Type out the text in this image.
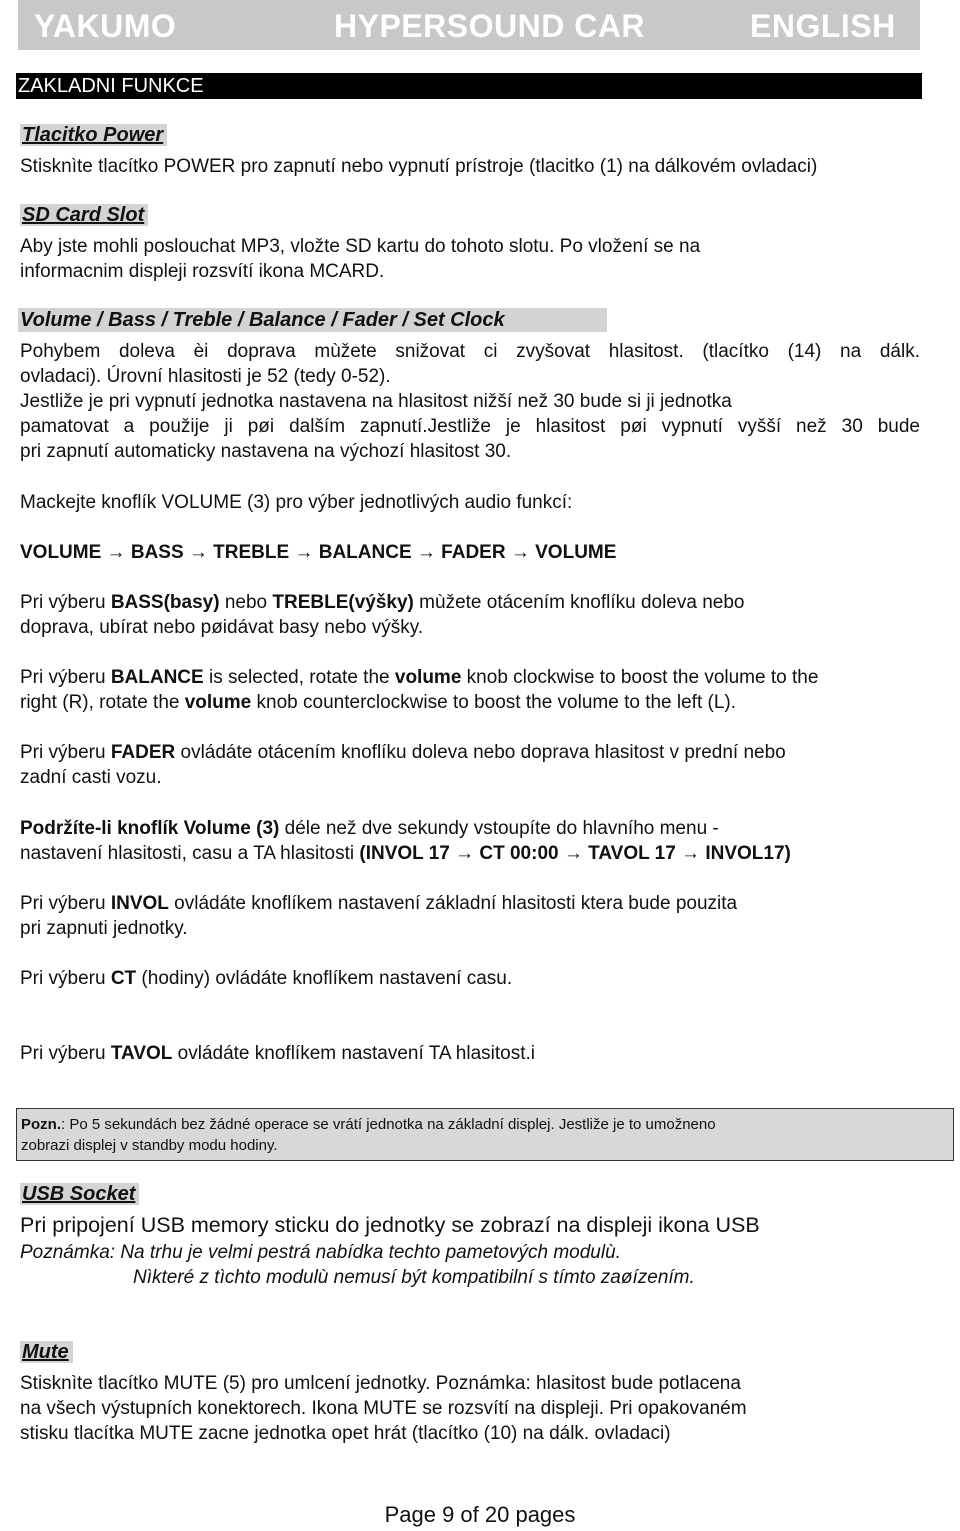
YAKUMO	HYPERSOUND CAR	ENGLISH
ZAKLADNI FUNKCE
Tlacitko Power
Stisknìte tlacítko POWER pro zapnutí nebo vypnutí prístroje (tlacitko (1) na dálkovém ovladaci)
SD Card Slot
Aby jste mohli poslouchat MP3, vložte SD kartu do tohoto slotu. Po vložení se na
informacnim displeji rozsvítí ikona MCARD.
Volume / Bass / Treble / Balance / Fader / Set Clock
Pohybem doleva èi doprava mùžete snižovat ci zvyšovat hlasitost. (tlacítko (14) na dálk.
ovladaci). Úrovní hlasitosti je 52 (tedy 0-52).
Jestliže je pri vypnutí jednotka nastavena na hlasitost nižší než 30 bude si ji jednotka
pamatovat a použije ji pøi dalším zapnutí.Jestliže je hlasitost pøi vypnutí vyšší než 30 bude
pri zapnutí automaticky nastavena na výchozí hlasitost 30.
Mackejte knoflík VOLUME (3) pro výber jednotlivých audio funkcí:
VOLUME → BASS → TREBLE → BALANCE → FADER → VOLUME
Pri výberu BASS(basy) nebo TREBLE(výšky) mùžete otácením knoflíku doleva nebo
doprava, ubírat nebo pøidávat basy nebo výšky.
Pri výberu BALANCE is selected, rotate the volume knob clockwise to boost the volume to the
right (R), rotate the volume knob counterclockwise to boost the volume to the left (L).
Pri výberu FADER ovládáte otácením knoflíku doleva nebo doprava hlasitost v prední nebo
zadní casti vozu.
Podržíte-li knoflík Volume (3) déle než dve sekundy vstoupíte do hlavního menu -
nastavení hlasitosti, casu a TA hlasitosti (INVOL 17 → CT 00:00 → TAVOL 17 → INVOL17)
Pri výberu INVOL ovládáte knoflíkem nastavení základní hlasitosti ktera bude pouzita
pri zapnuti jednotky.
Pri výberu CT (hodiny) ovládáte knoflíkem nastavení casu.
Pri výberu TAVOL ovládáte knoflíkem nastavení TA hlasitost.i
Pozn.: Po 5 sekundách bez žádné operace se vrátí jednotka na základní displej. Jestliže je to umožneno
zobrazi displej v standby modu hodiny.
USB Socket
Pri pripojení USB memory sticku do jednotky se zobrazí na displeji ikona USB
Poznámka: Na trhu je velmi pestrá nabídka techto pametových modulù.
Nìkteré z tìchto modulù nemusí být kompatibilní s tímto zaøízením.
Mute
Stisknìte tlacítko MUTE (5) pro umlcení jednotky. Poznámka: hlasitost bude potlacena
na všech výstupních konektorech. Ikona MUTE se rozsvítí na displeji. Pri opakovaném
stisku tlacítka MUTE zacne jednotka opet hrát (tlacítko (10) na dálk. ovladaci)
Page 9 of 20 pages
